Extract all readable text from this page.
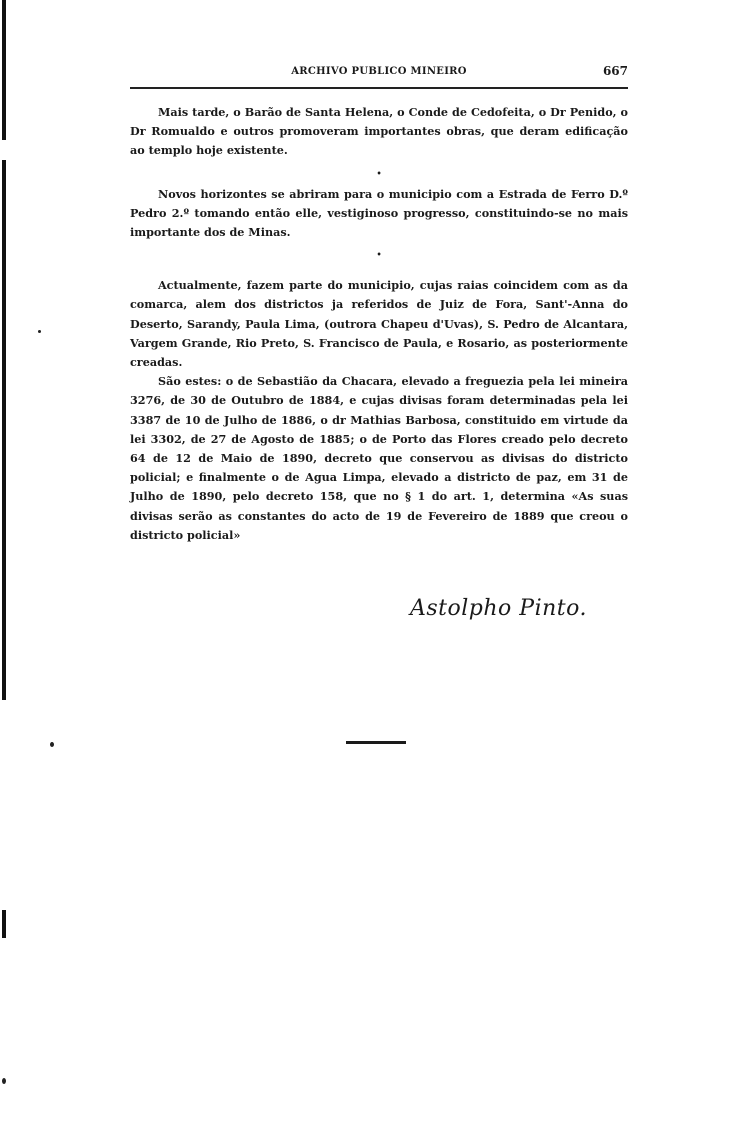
ARCHIVO PUBLICO MINEIRO	667

Mais tarde, o Barão de Santa Helena, o Conde de Cedofeita, o Dr Penido, o Dr Romualdo e outros promoveram importantes obras, que deram edificação ao templo hoje existente.

•

Novos horizontes se abriram para o municipio com a Estrada de Ferro D.º Pedro 2.º tomando então elle, vestiginoso progresso, constituindo-se no mais importante dos de Minas.

•

Actualmente, fazem parte do municipio, cujas raias coincidem com as da comarca, alem dos districtos ja referidos de Juiz de Fora, Sant'-Anna do Deserto, Sarandy, Paula Lima, (outrora Chapeu d'Uvas), S. Pedro de Alcantara, Vargem Grande, Rio Preto, S. Francisco de Paula, e Rosario, as posteriormente creadas.

São estes: o de Sebastião da Chacara, elevado a freguezia pela lei mineira 3276, de 30 de Outubro de 1884, e cujas divisas foram determinadas pela lei 3387 de 10 de Julho de 1886, o dr Mathias Barbosa, constituido em virtude da lei 3302, de 27 de Agosto de 1885; o de Porto das Flores creado pelo decreto 64 de 12 de Maio de 1890, decreto que conservou as divisas do districto policial; e finalmente o de Agua Limpa, elevado a districto de paz, em 31 de Julho de 1890, pelo decreto 158, que no § 1 do art. 1, determina «As suas divisas serão as constantes do acto de 19 de Fevereiro de 1889 que creou o districto policial»

Astolpho Pinto.
